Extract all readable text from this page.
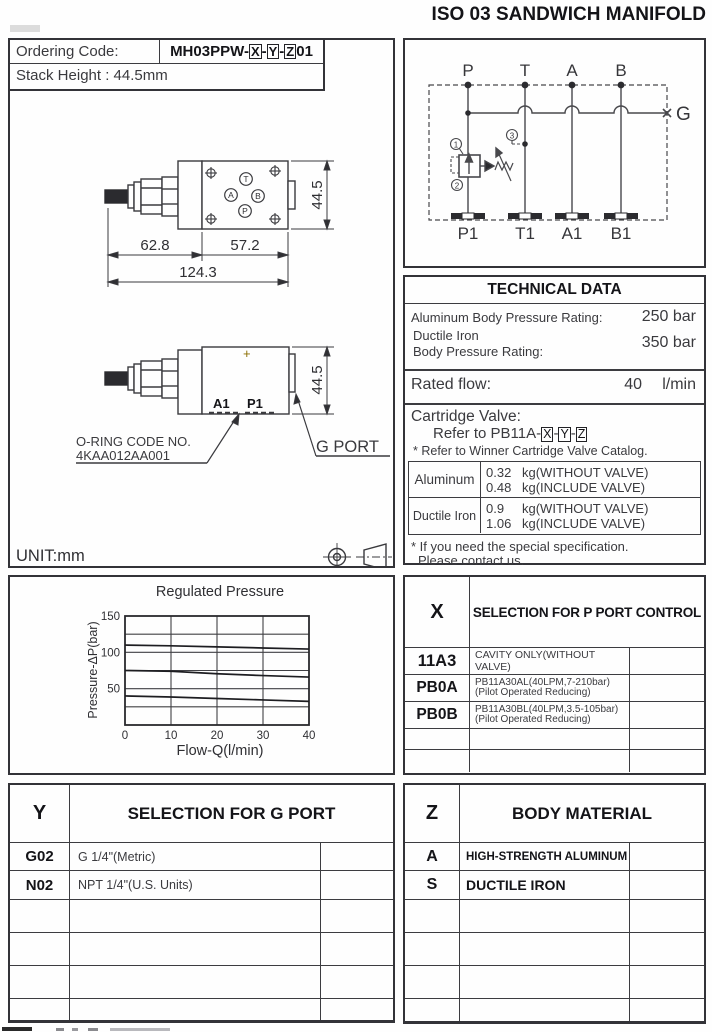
ISO 03 SANDWICH MANIFOLD
T
A	B
P
62.8	57.2
124.3
44.5
44.5
+
A1 P1
O-RING CODE NO.
4KAA012AA001	G PORT
UNIT:mm
Ordering Code:	MH03PPW- X - Y - Z 01
Stack Height : 44.5mm	P	T A B
P1 T1 A1 B1
G
1
2
3
TECHNICAL DATA
Aluminum Body Pressure Rating: 250 bar
Ductile Iron
Body Pressure Rating:
350 bar
Rated flow:	40 l/min
Cartridge Valve:
Refer to PB11A- X - Y - Z
* Refer to Winner Cartridge Valve Catalog.
Aluminum 0.32 kg(WITHOUT VALVE)
0.48 kg(INCLUDE VALVE)
Ductile Iron 0.9 kg(WITHOUT VALVE)
1.06 kg(INCLUDE VALVE)
* If you need the special specification.
Please contact us.
Regulated Pressure
Pressure-ΔP(bar)
Flow-Q(l/min)
50
100
150
0	10	20	30	40
X	SELECTION FOR P PORT CONTROL
11A3	CAVITY ONLY(WITHOUT VALVE)
PB0A	PB11A30AL(40LPM,7-210bar)
(Pilot Operated Reducing)
PB0B	PB11A30BL(40LPM,3.5-105bar)
(Pilot Operated Reducing)
Y	SELECTION FOR G PORT
G02	G 1/4"(Metric)
N02	NPT 1/4"(U.S. Units)
Z	BODY MATERIAL
A	HIGH-STRENGTH ALUMINUM
S	DUCTILE IRON
